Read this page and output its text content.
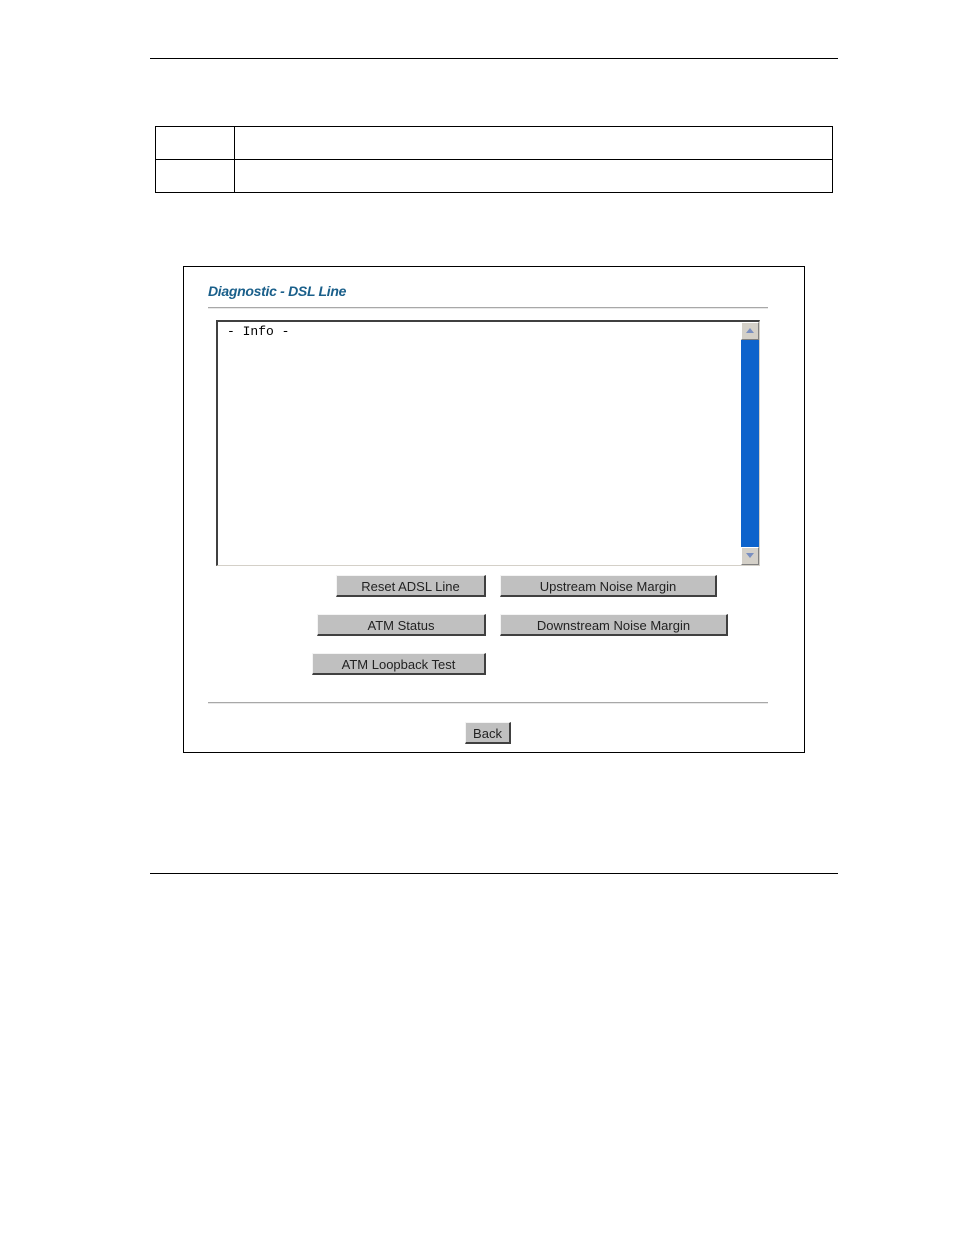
Diagnostic - DSL Line
- Info -
Reset ADSL Line	Upstream Noise Margin
ATM Status	Downstream Noise Margin
ATM Loopback Test
Back
